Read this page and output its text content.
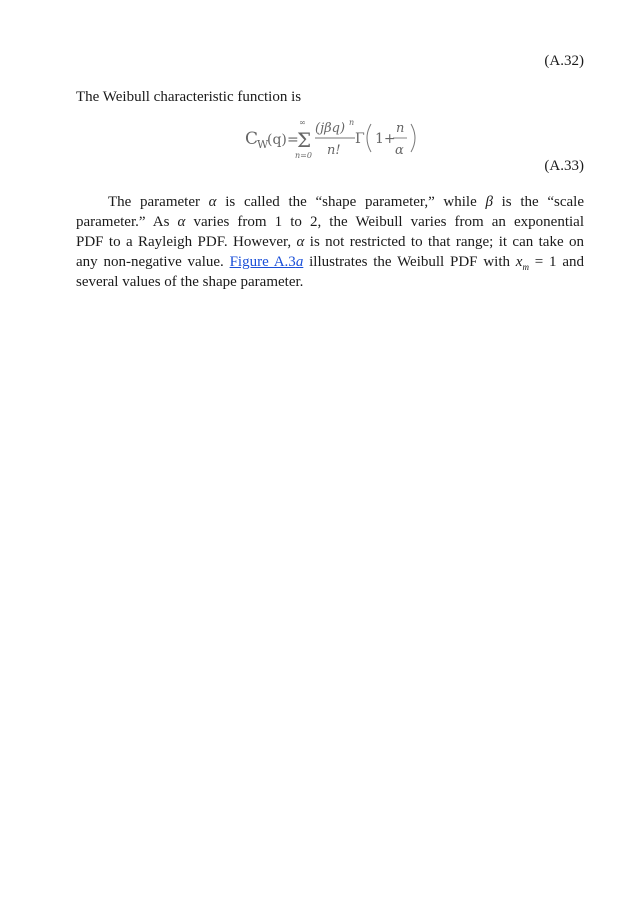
(A.32)
The Weibull characteristic function is
C
W
(q) =
∞
Σ
n=0
(jβq) n
n!
Γ 1+
n
α
(A.33)
The parameter α is called the “shape parameter,” while β is the “scale
parameter.” As α varies from 1 to 2, the Weibull varies from an exponential
PDF to a Rayleigh PDF. However, α is not restricted to that range; it can take on
any non-negative value. Figure A.3a illustrates the Weibull PDF with $x_m = 1$ and
several values of the shape parameter.
